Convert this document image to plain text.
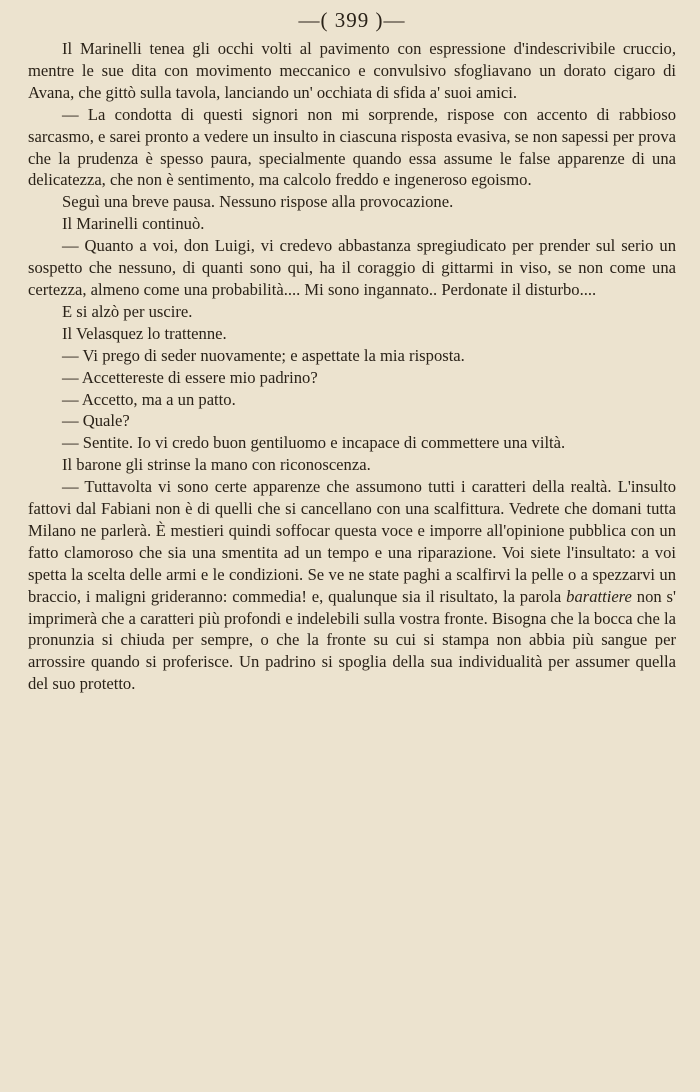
—( 399 )—

Il Marinelli tenea gli occhi volti al pavimento con espressione d'indescrivibile cruccio, mentre le sue dita con movimento meccanico e convulsivo sfogliavano un dorato cigaro di Avana, che gittò sulla tavola, lanciando un' occhiata di sfida a' suoi amici.

— La condotta di questi signori non mi sorprende, rispose con accento di rabbioso sarcasmo, e sarei pronto a vedere un insulto in ciascuna risposta evasiva, se non sapessi per prova che la prudenza è spesso paura, specialmente quando essa assume le false apparenze di una delicatezza, che non è sentimento, ma calcolo freddo e ingeneroso egoismo.

Seguì una breve pausa. Nessuno rispose alla provocazione.

Il Marinelli continuò.

— Quanto a voi, don Luigi, vi credevo abbastanza spregiudicato per prender sul serio un sospetto che nessuno, di quanti sono qui, ha il coraggio di gittarmi in viso, se non come una certezza, almeno come una probabilità.... Mi sono ingannato.. Perdonate il disturbo....

E si alzò per uscire.

Il Velasquez lo trattenne.

— Vi prego di seder nuovamente; e aspettate la mia risposta.

— Accettereste di essere mio padrino?

— Accetto, ma a un patto.

— Quale?

— Sentite. Io vi credo buon gentiluomo e incapace di commettere una viltà.

Il barone gli strinse la mano con riconoscenza.

— Tuttavolta vi sono certe apparenze che assumono tutti i caratteri della realtà. L'insulto fattovi dal Fabiani non è di quelli che si cancellano con una scalfittura. Vedrete che domani tutta Milano ne parlerà. È mestieri quindi soffocar questa voce e imporre all'opinione pubblica con un fatto clamoroso che sia una smentita ad un tempo e una riparazione. Voi siete l'insultato: a voi spetta la scelta delle armi e le condizioni. Se ve ne state paghi a scalfirvi la pelle o a spezzarvi un braccio, i maligni grideranno: commedia! e, qualunque sia il risultato, la parola barattiere non s' imprimerà che a caratteri più profondi e indelebili sulla vostra fronte. Bisogna che la bocca che la pronunzia si chiuda per sempre, o che la fronte su cui si stampa non abbia più sangue per arrossire quando si proferisce. Un padrino si spoglia della sua individualità per assumer quella del suo protetto.
